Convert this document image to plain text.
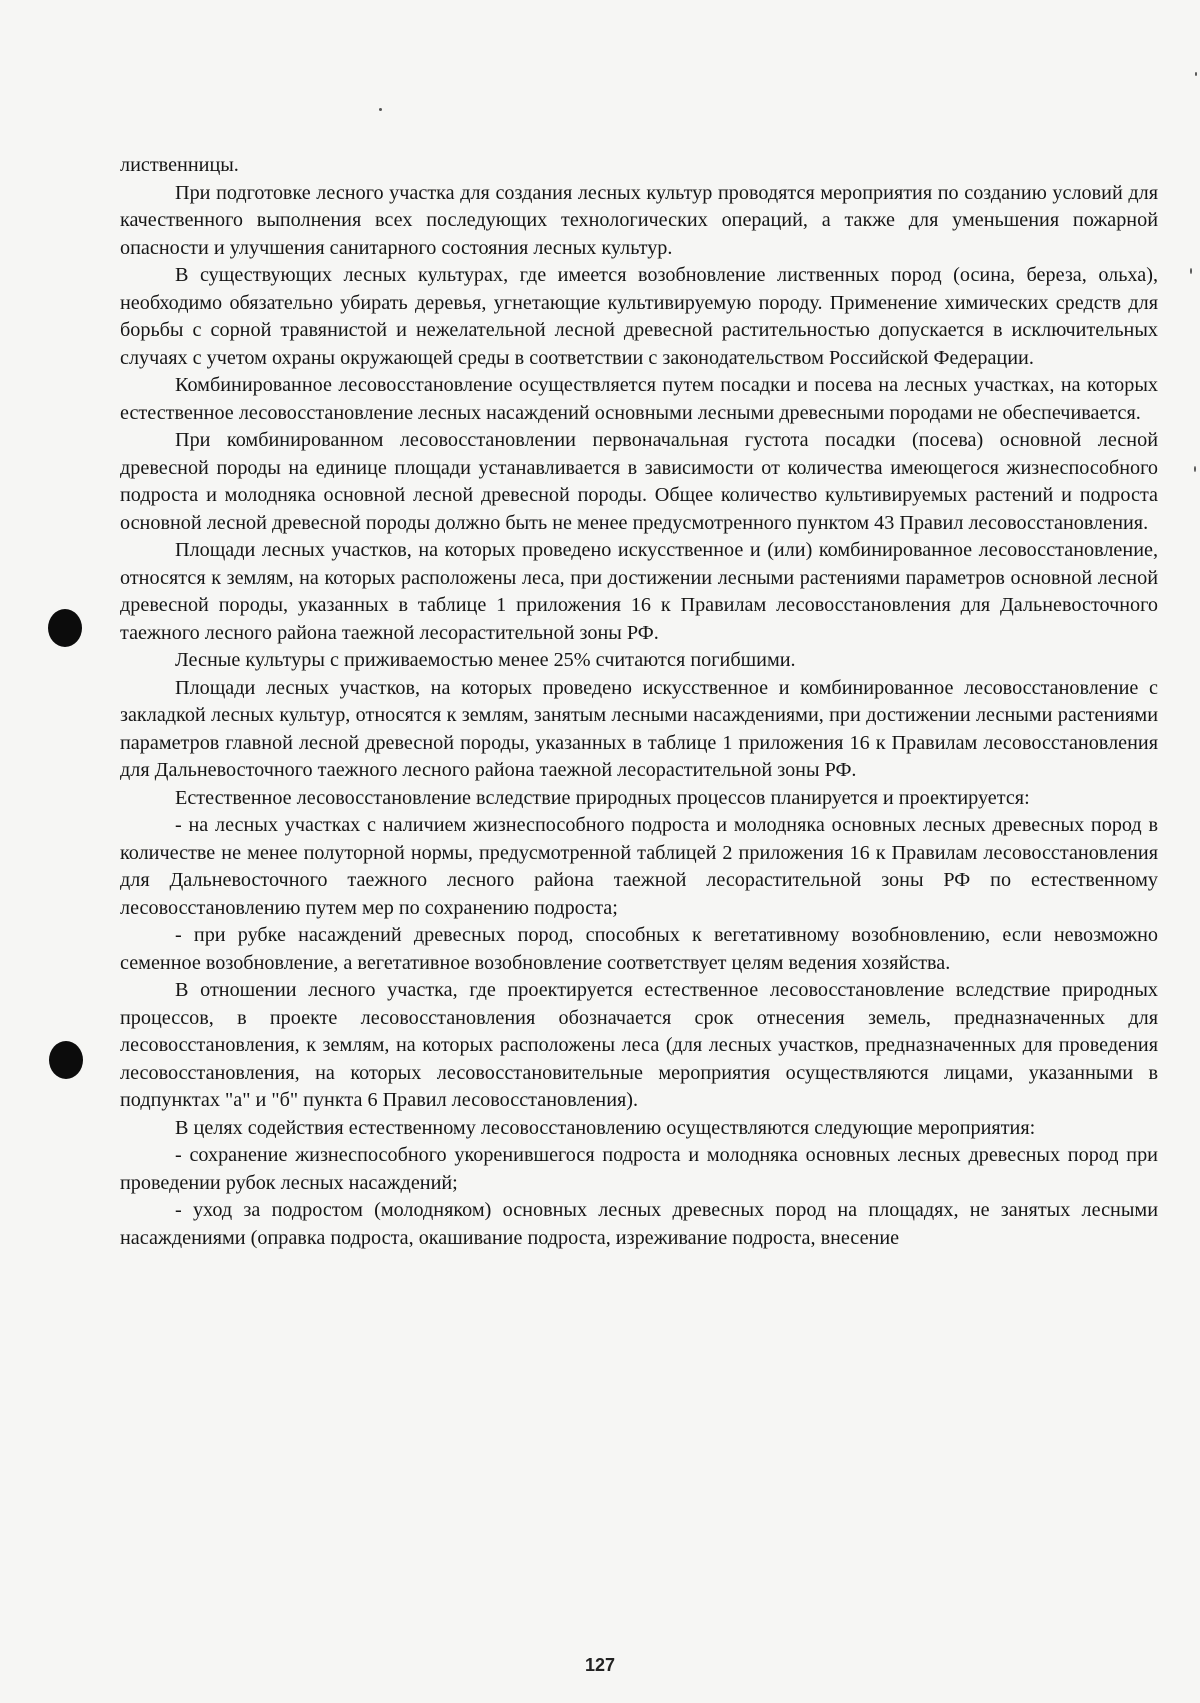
лиственницы.

При подготовке лесного участка для создания лесных культур проводятся мероприятия по созданию условий для качественного выполнения всех последующих технологических операций, а также для уменьшения пожарной опасности и улучшения санитарного состояния лесных культур.

В существующих лесных культурах, где имеется возобновление лиственных пород (осина, береза, ольха), необходимо обязательно убирать деревья, угнетающие культивируемую породу. Применение химических средств для борьбы с сорной травянистой и нежелательной лесной древесной растительностью допускается в исключительных случаях с учетом охраны окружающей среды в соответствии с законодательством Российской Федерации.

Комбинированное лесовосстановление осуществляется путем посадки и посева на лесных участках, на которых естественное лесовосстановление лесных насаждений основными лесными древесными породами не обеспечивается.

При комбинированном лесовосстановлении первоначальная густота посадки (посева) основной лесной древесной породы на единице площади устанавливается в зависимости от количества имеющегося жизнеспособного подроста и молодняка основной лесной древесной породы. Общее количество культивируемых растений и подроста основной лесной древесной породы должно быть не менее предусмотренного пунктом 43 Правил лесовосстановления.

Площади лесных участков, на которых проведено искусственное и (или) комбинированное лесовосстановление, относятся к землям, на которых расположены леса, при достижении лесными растениями параметров основной лесной древесной породы, указанных в таблице 1 приложения 16 к Правилам лесовосстановления для Дальневосточного таежного лесного района таежной лесорастительной зоны РФ.

Лесные культуры с приживаемостью менее 25% считаются погибшими.

Площади лесных участков, на которых проведено искусственное и комбинированное лесовосстановление с закладкой лесных культур, относятся к землям, занятым лесными насаждениями, при достижении лесными растениями параметров главной лесной древесной породы, указанных в таблице 1 приложения 16 к Правилам лесовосстановления для Дальневосточного таежного лесного района таежной лесорастительной зоны РФ.

Естественное лесовосстановление вследствие природных процессов планируется и проектируется:

- на лесных участках с наличием жизнеспособного подроста и молодняка основных лесных древесных пород в количестве не менее полуторной нормы, предусмотренной таблицей 2 приложения 16 к Правилам лесовосстановления для Дальневосточного таежного лесного района таежной лесорастительной зоны РФ по естественному лесовосстановлению путем мер по сохранению подроста;

- при рубке насаждений древесных пород, способных к вегетативному возобновлению, если невозможно семенное возобновление, а вегетативное возобновление соответствует целям ведения хозяйства.

В отношении лесного участка, где проектируется естественное лесовосстановление вследствие природных процессов, в проекте лесовосстановления обозначается срок отнесения земель, предназначенных для лесовосстановления, к землям, на которых расположены леса (для лесных участков, предназначенных для проведения лесовосстановления, на которых лесовосстановительные мероприятия осуществляются лицами, указанными в подпунктах "а" и "б" пункта 6 Правил лесовосстановления).

В целях содействия естественному лесовосстановлению осуществляются следующие мероприятия:

- сохранение жизнеспособного укоренившегося подроста и молодняка основных лесных древесных пород при проведении рубок лесных насаждений;

- уход за подростом (молодняком) основных лесных древесных пород на площадях, не занятых лесными насаждениями (оправка подроста, окашивание подроста, изреживание подроста, внесение

127
